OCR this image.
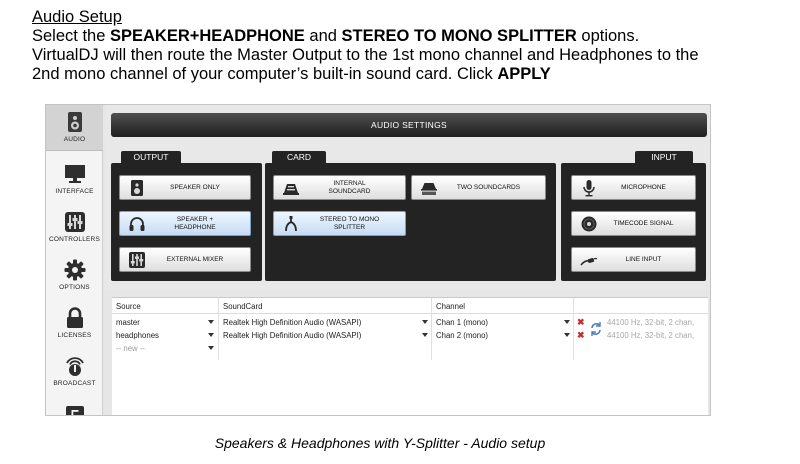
Audio Setup
Select the SPEAKER+HEADPHONE and STEREO TO MONO SPLITTER options.
VirtualDJ will then route the Master Output to the 1st mono channel and Headphones to the
2nd mono channel of your computer’s built-in sound card. Click APPLY
AUDIO
INTERFACE
CONTROLLERS
OPTIONS
LICENSES
BROADCAST
AUDIO SETTINGS
OUTPUT
SPEAKER ONLY
SPEAKER +
HEADPHONE
EXTERNAL MIXER
CARD
INTERNAL
SOUNDCARD
TWO SOUNDCARDS
STEREO TO MONO
SPLITTER
INPUT
MICROPHONE
TIMECODE SIGNAL
LINE INPUT
Source	SoundCard	Channel
master	Realtek High Definition Audio (WASAPI)	Chan 1 (mono)	✖	44100 Hz, 32-bit, 2 chan,
headphones	Realtek High Definition Audio (WASAPI)	Chan 2 (mono)	✖	44100 Hz, 32-bit, 2 chan,
-- new --
Speakers & Headphones with Y-Splitter - Audio setup
